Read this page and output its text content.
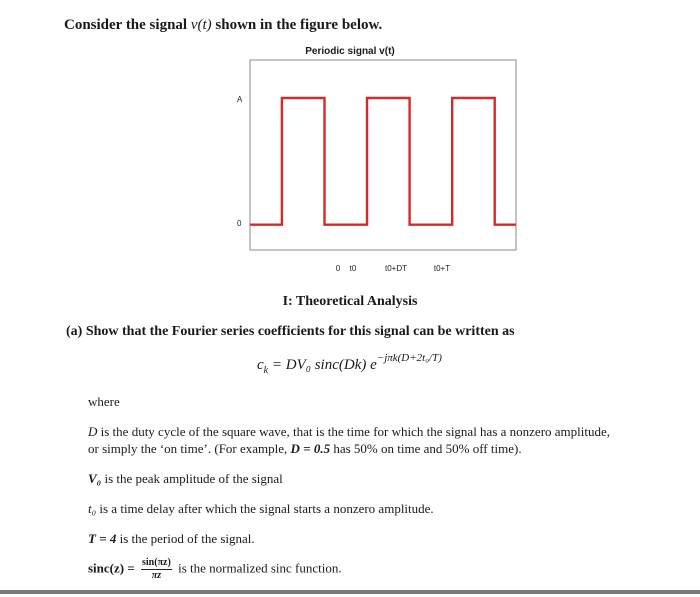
Consider the signal v(t) shown in the figure below.
Periodic signal v(t)
A
0
0 t0	t0+DT	t0+T
I: Theoretical Analysis
(a) Show that the Fourier series coefficients for this signal can be written as
$c_k = DV_0$ sinc(Dk) $e^{-j\pi k(D+2t_0/T)}$
where
D is the duty cycle of the square wave, that is the time for which the signal has a nonzero amplitude,
or simply the ‘on time’. (For example, D = 0.5 has 50% on time and 50% off time).
V₀ is the peak amplitude of the signal
t₀ is a time delay after which the signal starts a nonzero amplitude.
T = 4 is the period of the signal.
$\sin c(z) = \frac{\sin(\pi z)}{\pi z}$ is the normalized sinc function.
